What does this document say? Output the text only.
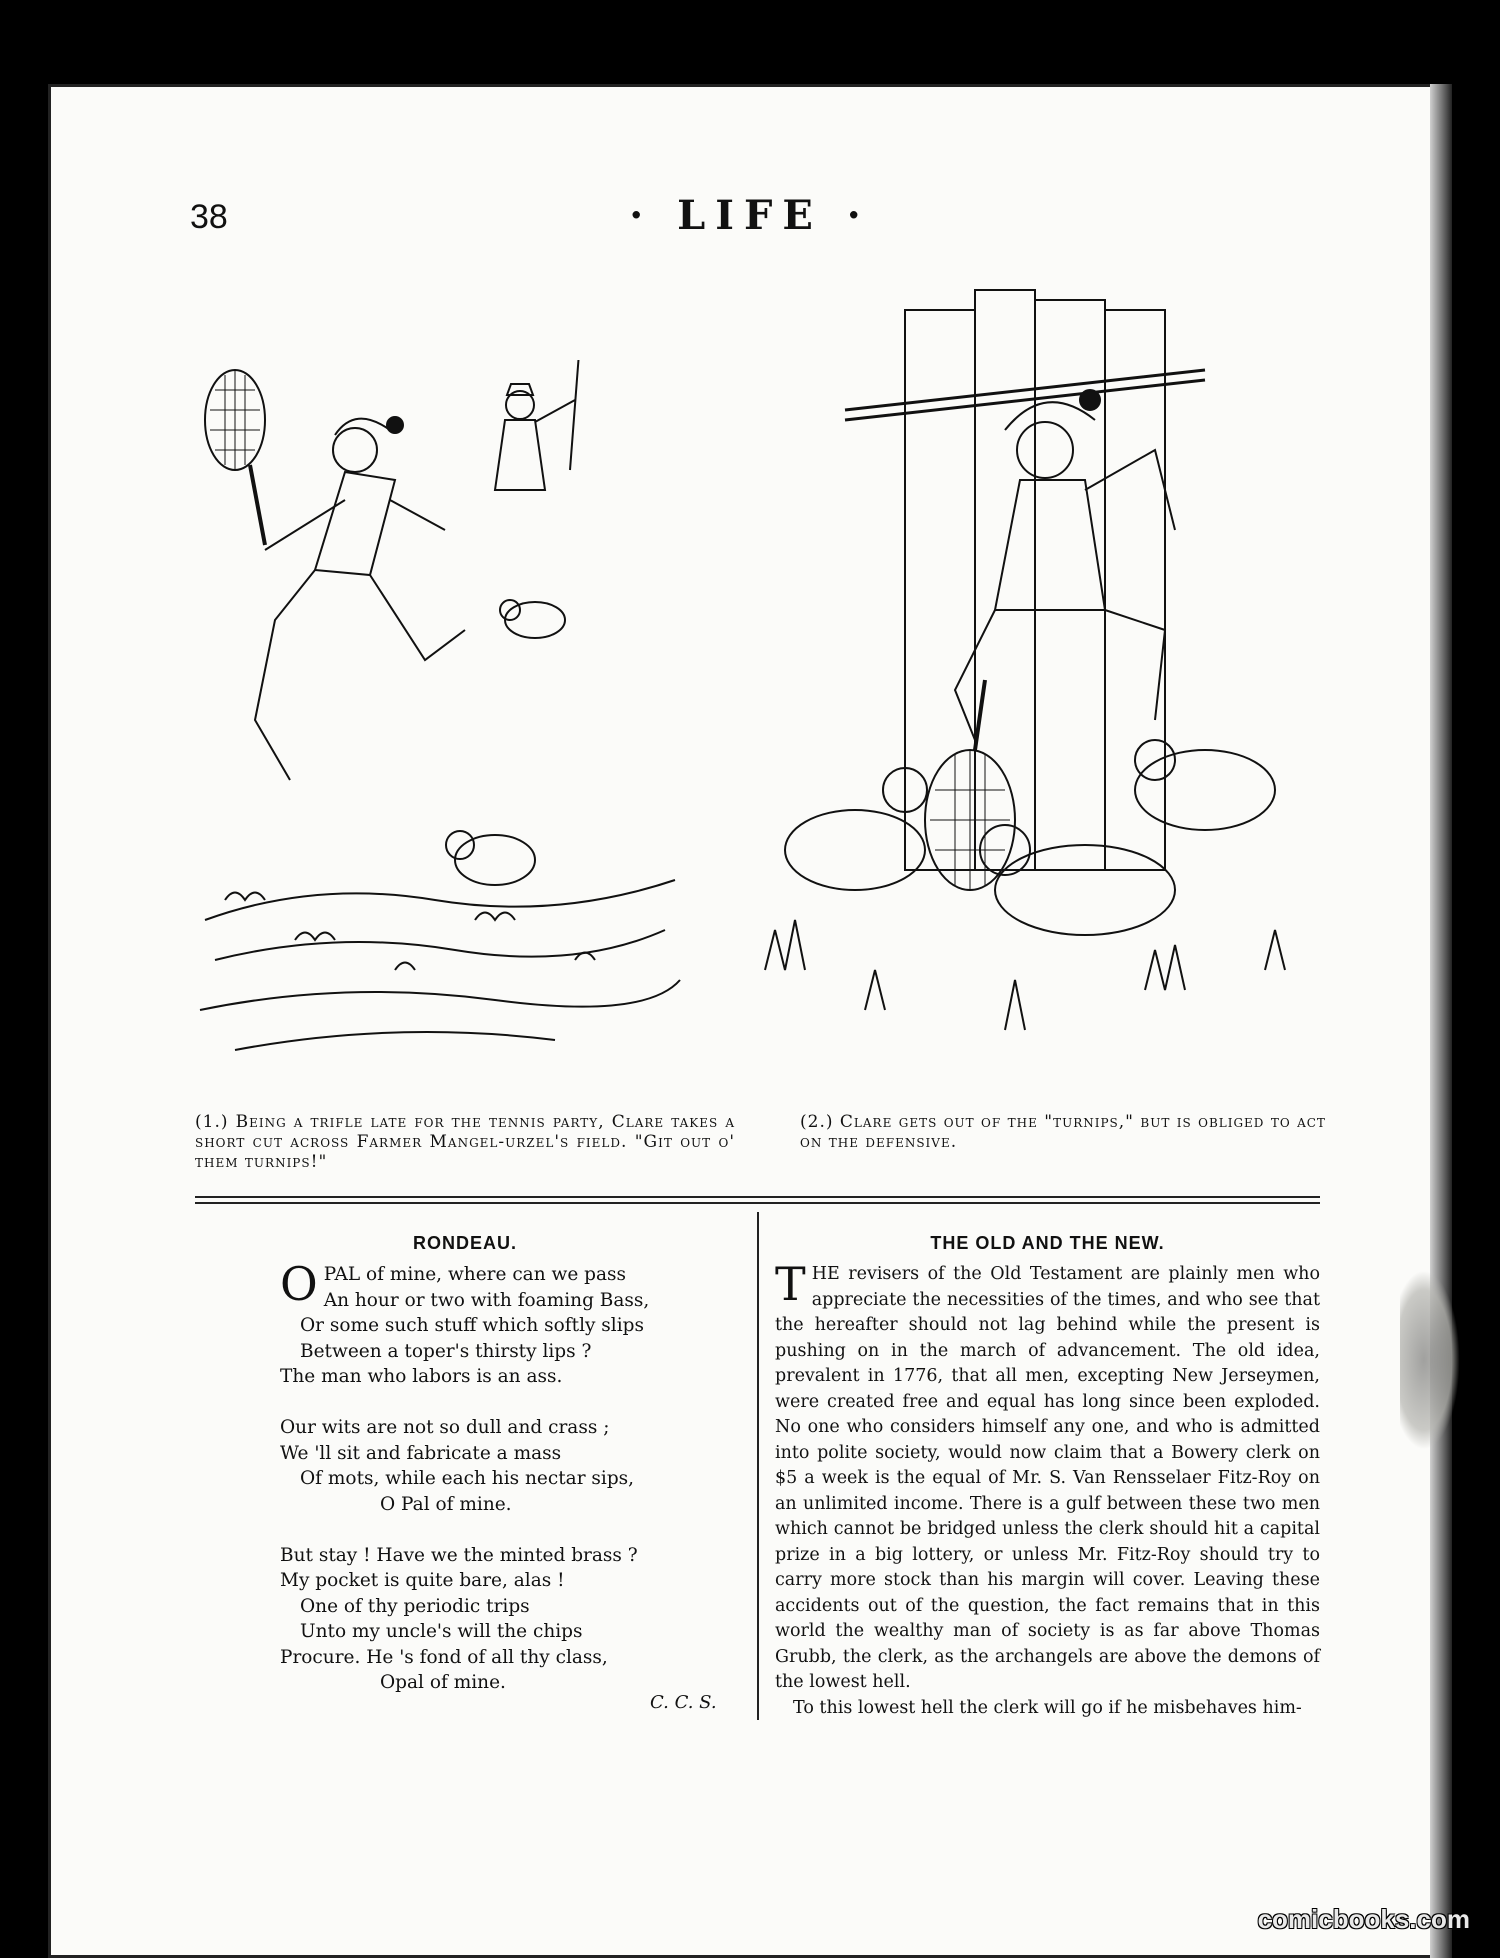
38	· LIFE ·
(1.) Being a trifle late for the tennis party, Clare takes a short cut across Farmer Mangel-urzel's field. "Git out o' them turnips!"
(2.) Clare gets out of the "turnips," but is obliged to act on the defensive.
RONDEAU.	THE OLD AND THE NEW.
O PAL of mine, where can we pass
An hour or two with foaming Bass,
Or some such stuff which softly slips
Between a toper's thirsty lips ?
The man who labors is an ass.
Our wits are not so dull and crass ;
We 'll sit and fabricate a mass
Of mots, while each his nectar sips,
O Pal of mine.
But stay ! Have we the minted brass ?
My pocket is quite bare, alas !
One of thy periodic trips
Unto my uncle's will the chips
Procure. He 's fond of all thy class,
Opal of mine.
C. C. S.
T HE revisers of the Old Testament are plainly men who appreciate the necessities of the times, and who see that the hereafter should not lag behind while the present is pushing on in the march of advancement. The old idea, prevalent in 1776, that all men, excepting New Jerseymen, were created free and equal has long since been exploded. No one who considers himself any one, and who is admitted into polite society, would now claim that a Bowery clerk on $5 a week is the equal of Mr. S. Van Rensselaer Fitz-Roy on an unlimited income. There is a gulf between these two men which cannot be bridged unless the clerk should hit a capital prize in a big lottery, or unless Mr. Fitz-Roy should try to carry more stock than his margin will cover. Leaving these accidents out of the question, the fact remains that in this world the wealthy man of society is as far above Thomas Grubb, the clerk, as the archangels are above the demons of the lowest hell.

To this lowest hell the clerk will go if he misbehaves him-

comicbooks.com
